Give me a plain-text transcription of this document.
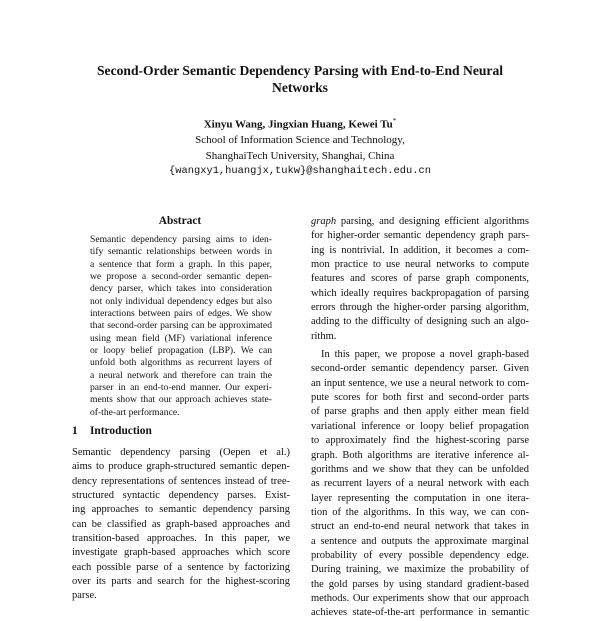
Second-Order Semantic Dependency Parsing with End-to-End Neural
Networks
Xinyu Wang, Jingxian Huang, Kewei Tu*
School of Information Science and Technology,
ShanghaiTech University, Shanghai, China
{wangxy1,huangjx,tukw}@shanghaitech.edu.cn
Abstract
Semantic dependency parsing aims to iden-
tify semantic relationships between words in
a sentence that form a graph. In this paper,
we propose a second-order semantic depen-
dency parser, which takes into consideration
not only individual dependency edges but also
interactions between pairs of edges. We show
that second-order parsing can be approximated
using mean field (MF) variational inference
or loopy belief propagation (LBP). We can
unfold both algorithms as recurrent layers of
a neural network and therefore can train the
parser in an end-to-end manner. Our experi-
ments show that our approach achieves state-
of-the-art performance.
1 Introduction
Semantic dependency parsing (Oepen et al.)
aims to produce graph-structured semantic depen-
dency representations of sentences instead of tree-
structured syntactic dependency parses. Exist-
ing approaches to semantic dependency parsing
can be classified as graph-based approaches and
transition-based approaches. In this paper, we
investigate graph-based approaches which score
each possible parse of a sentence by factorizing
over its parts and search for the highest-scoring
parse.
graph parsing, and designing efficient algorithms
for higher-order semantic dependency graph pars-
ing is nontrivial. In addition, it becomes a com-
mon practice to use neural networks to compute
features and scores of parse graph components,
which ideally requires backpropagation of parsing
errors through the higher-order parsing algorithm,
adding to the difficulty of designing such an algo-
rithm.
In this paper, we propose a novel graph-based
second-order semantic dependency parser. Given
an input sentence, we use a neural network to com-
pute scores for both first and second-order parts
of parse graphs and then apply either mean field
variational inference or loopy belief propagation
to approximately find the highest-scoring parse
graph. Both algorithms are iterative inference al-
gorithms and we show that they can be unfolded
as recurrent layers of a neural network with each
layer representing the computation in one itera-
tion of the algorithms. In this way, we can con-
struct an end-to-end neural network that takes in
a sentence and outputs the approximate marginal
probability of every possible dependency edge.
During training, we maximize the probability of
the gold parses by using standard gradient-based
methods. Our experiments show that our approach
achieves state-of-the-art performance in semantic
